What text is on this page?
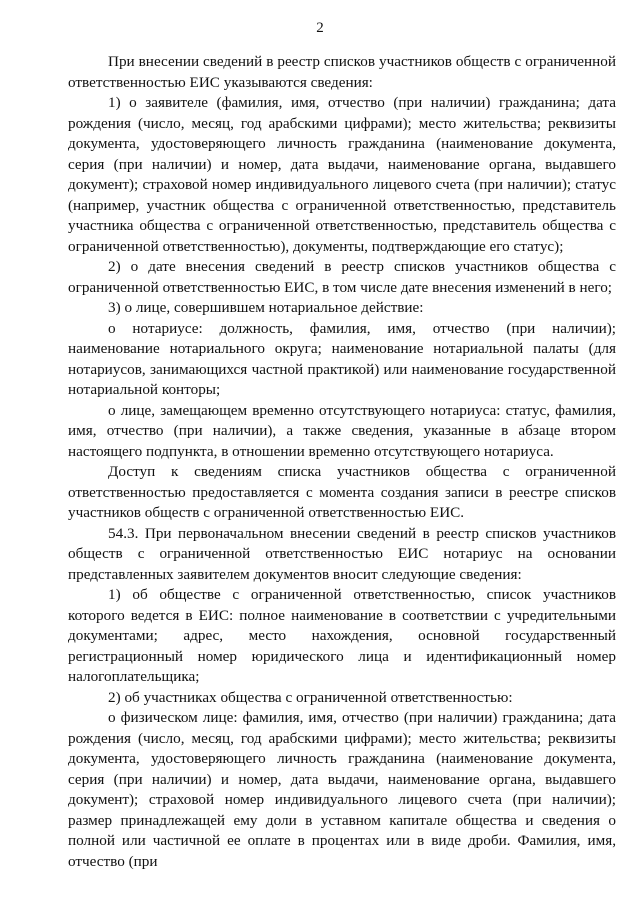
2

При внесении сведений в реестр списков участников обществ с ограниченной ответственностью ЕИС указываются сведения:

1) о заявителе (фамилия, имя, отчество (при наличии) гражданина; дата рождения (число, месяц, год арабскими цифрами); место жительства; реквизиты документа, удостоверяющего личность гражданина (наименование документа, серия (при наличии) и номер, дата выдачи, наименование органа, выдавшего документ); страховой номер индивидуального лицевого счета (при наличии); статус (например, участник общества с ограниченной ответственностью, представитель участника общества с ограниченной ответственностью, представитель общества с ограниченной ответственностью), документы, подтверждающие его статус);

2) о дате внесения сведений в реестр списков участников общества с ограниченной ответственностью ЕИС, в том числе дате внесения изменений в него;

3) о лице, совершившем нотариальное действие:

о нотариусе: должность, фамилия, имя, отчество (при наличии); наименование нотариального округа; наименование нотариальной палаты (для нотариусов, занимающихся частной практикой) или наименование государственной нотариальной конторы;

о лице, замещающем временно отсутствующего нотариуса: статус, фамилия, имя, отчество (при наличии), а также сведения, указанные в абзаце втором настоящего подпункта, в отношении временно отсутствующего нотариуса.

Доступ к сведениям списка участников общества с ограниченной ответственностью предоставляется с момента создания записи в реестре списков участников обществ с ограниченной ответственностью ЕИС.

54.3. При первоначальном внесении сведений в реестр списков участников обществ с ограниченной ответственностью ЕИС нотариус на основании представленных заявителем документов вносит следующие сведения:

1) об обществе с ограниченной ответственностью, список участников которого ведется в ЕИС: полное наименование в соответствии с учредительными документами; адрес, место нахождения, основной государственный регистрационный номер юридического лица и идентификационный номер налогоплательщика;

2) об участниках общества с ограниченной ответственностью:

о физическом лице: фамилия, имя, отчество (при наличии) гражданина; дата рождения (число, месяц, год арабскими цифрами); место жительства; реквизиты документа, удостоверяющего личность гражданина (наименование документа, серия (при наличии) и номер, дата выдачи, наименование органа, выдавшего документ); страховой номер индивидуального лицевого счета (при наличии); размер принадлежащей ему доли в уставном капитале общества и сведения о полной или частичной ее оплате в процентах или в виде дроби. Фамилия, имя, отчество (при
